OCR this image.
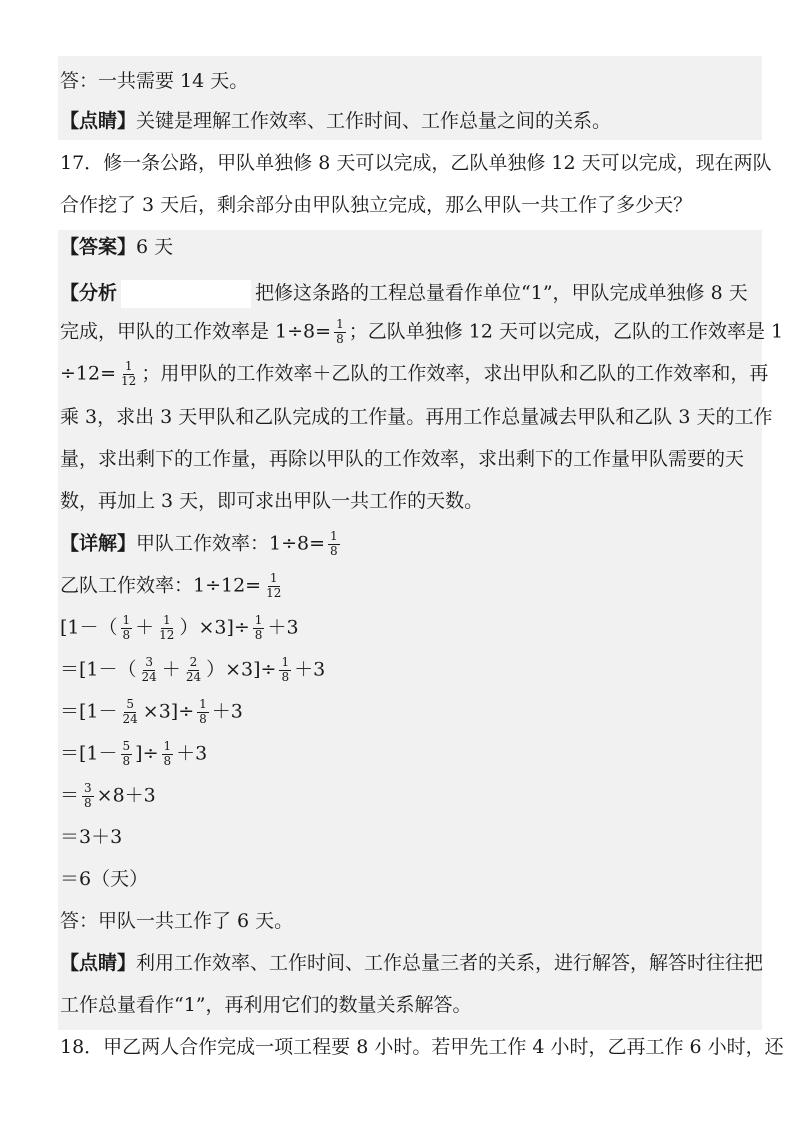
答：一共需要 14 天。
【点睛】关键是理解工作效率、工作时间、工作总量之间的关系。
17．修一条公路，甲队单独修 8 天可以完成，乙队单独修 12 天可以完成，现在两队
合作挖了 3 天后，剩余部分由甲队独立完成，那么甲队一共工作了多少天？
【答案】6 天
【分析	把修这条路的工程总量看作单位“1”，甲队完成单独修 8 天
完成，甲队的工作效率是 $1\div 8= \frac{1}{8}$ ；乙队单独修 12 天可以完成，乙队的工作效率是 1
$\div 12= \frac{1}{12}$ ；用甲队的工作效率＋乙队的工作效率，求出甲队和乙队的工作效率和，再
乘 3，求出 3 天甲队和乙队完成的工作量。再用工作总量减去甲队和乙队 3 天的工作
量，求出剩下的工作量，再除以甲队的工作效率，求出剩下的工作量甲队需要的天
数，再加上 3 天，即可求出甲队一共工作的天数。
【详解】甲队工作效率：$1\div 8= \frac{1}{8}$
乙队工作效率：$1\div 12= \frac{1}{12}$
$[1-( \frac{1}{8} + \frac{1}{12} )\times 3]\div \frac{1}{8} +3$
$=[1-( \frac{3}{24} + \frac{2}{24} )\times 3]\div \frac{1}{8} +3$
$=[1- \frac{5}{24} \times 3]\div \frac{1}{8} +3$
$=[1- \frac{5}{8}$ ]÷ $\frac{1}{8} +3$
＝ $\frac{3}{8} \times 8+3$
＝3＋3
＝6（天）
答：甲队一共工作了 6 天。
【点睛】利用工作效率、工作时间、工作总量三者的关系，进行解答，解答时往往把
工作总量看作“1”，再利用它们的数量关系解答。
18．甲乙两人合作完成一项工程要 8 小时。若甲先工作 4 小时，乙再工作 6 小时，还
